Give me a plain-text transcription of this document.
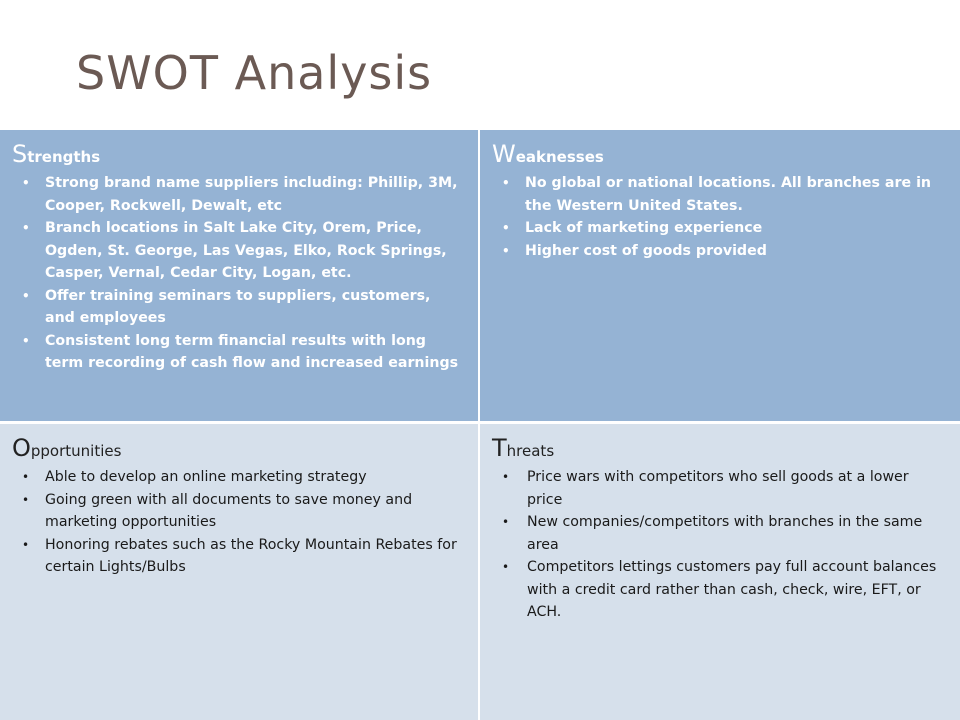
SWOT Analysis
Strengths
• Strong brand name suppliers including: Phillip, 3M, Cooper, Rockwell, Dewalt, etc
• Branch locations in Salt Lake City, Orem, Price, Ogden, St. George, Las Vegas, Elko, Rock Springs, Casper, Vernal, Cedar City, Logan, etc.
• Offer training seminars to suppliers, customers, and employees
• Consistent long term financial results with long term recording of cash flow and increased earnings
Weaknesses
• No global or national locations. All branches are in the Western United States.
• Lack of marketing experience
• Higher cost of goods provided
Opportunities
• Able to develop an online marketing strategy
• Going green with all documents to save money and marketing opportunities
• Honoring rebates such as the Rocky Mountain Rebates for certain Lights/Bulbs
Threats
• Price wars with competitors who sell goods at a lower price
• New companies/competitors with branches in the same area
• Competitors lettings customers pay full account balances with a credit card rather than cash, check, wire, EFT, or ACH.
